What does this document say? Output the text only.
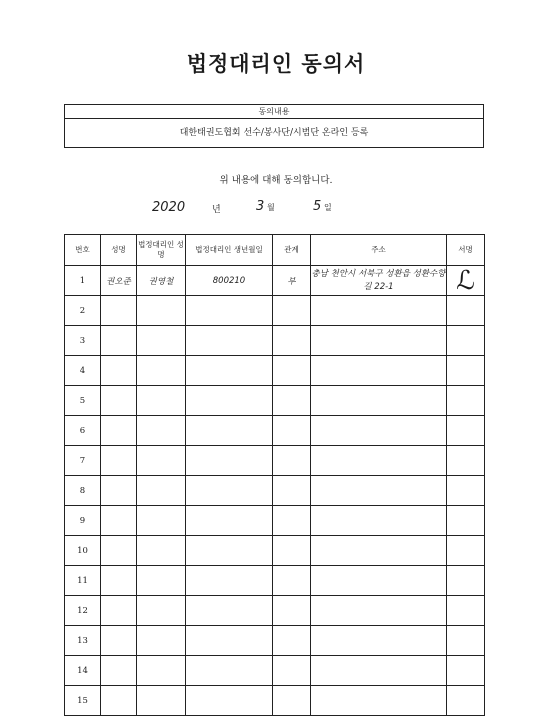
법정대리인 동의서
동의내용
대한태권도협회 선수/봉사단/시범단 온라인 등록
위 내용에 대해 동의합니다.
2020	년	3 월	5 일
번호	성명	법정대리인 성명	법정대리인 생년월일	관계	주소	서명
1	권오준	권영철	800210	부	충남 천안시 서북구 성환읍 성환수향길 22-1	ℒ
2						
3						
4						
5						
6						
7						
8						
9						
10						
11						
12						
13						
14						
15						
